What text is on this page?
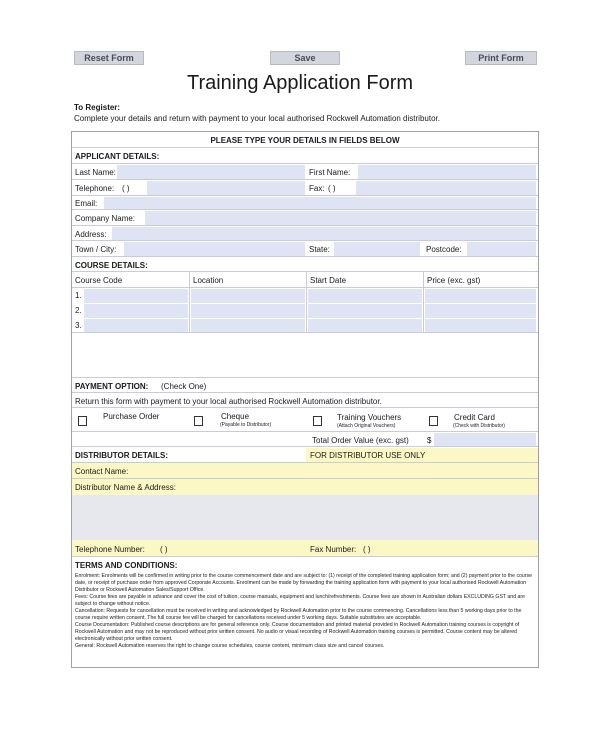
Reset Form	Save	Print Form
Training Application Form
To Register:
Complete your details and return with payment to your local authorised Rockwell Automation distributor.
PLEASE TYPE YOUR DETAILS IN FIELDS BELOW
APPLICANT DETAILS:
Last Name:	First Name:
Telephone: ( )	Fax: ( )
Email:
Company Name:
Address:
Town / City:	State:	Postcode:
COURSE DETAILS:
Course Code	Location	Start Date	Price (exc. gst)
1.
2.
3.
PAYMENT OPTION: (Check One)
Return this form with payment to your local authorised Rockwell Automation distributor.
Purchase Order	Cheque
(Payable to Distributor)
Training Vouchers
(Attach Original Vouchers)
Credit Card
(Check with Distributor)
Total Order Value (exc. gst) $
DISTRIBUTOR DETAILS:	FOR DISTRIBUTOR USE ONLY
Contact Name:
Distributor Name & Address:
Telephone Number: ( )	Fax Number: ( )
TERMS AND CONDITIONS:

Enrolment: Enrolments will be confirmed in writing prior to the course commencement date and are subject to: (1) receipt of the completed training application form; and (2) payment prior to the course date, or receipt of purchase order from approved Corporate Accounts. Enrolment can be made by forwarding the training application form with payment to your local authorised Rockwell Automation Distributor or Rockwell Automation Sales/Support Office.

Fees: Course fees are payable in advance and cover the cost of tuition, course manuals, equipment and lunch/refreshments. Course fees are shown in Australian dollars EXCLUDING GST and are subject to change without notice.

Cancellation: Requests for cancellation must be received in writing and acknowledged by Rockwell Automation prior to the course commencing. Cancellations less than 5 working days prior to the course require written consent. The full course fee will be charged for cancellations received under 5 working days. Suitable substitutes are acceptable.

Course Documentation: Published course descriptions are for general reference only. Course documentation and printed material provided in Rockwell Automation training courses is copyright of Rockwell Automation and may not be reproduced without prior written consent. No audio or visual recording of Rockwell Automation training courses is permitted. Course content may be altered electronically without prior written consent.

General: Rockwell Automation reserves the right to change course schedules, course content, minimum class size and cancel courses.
